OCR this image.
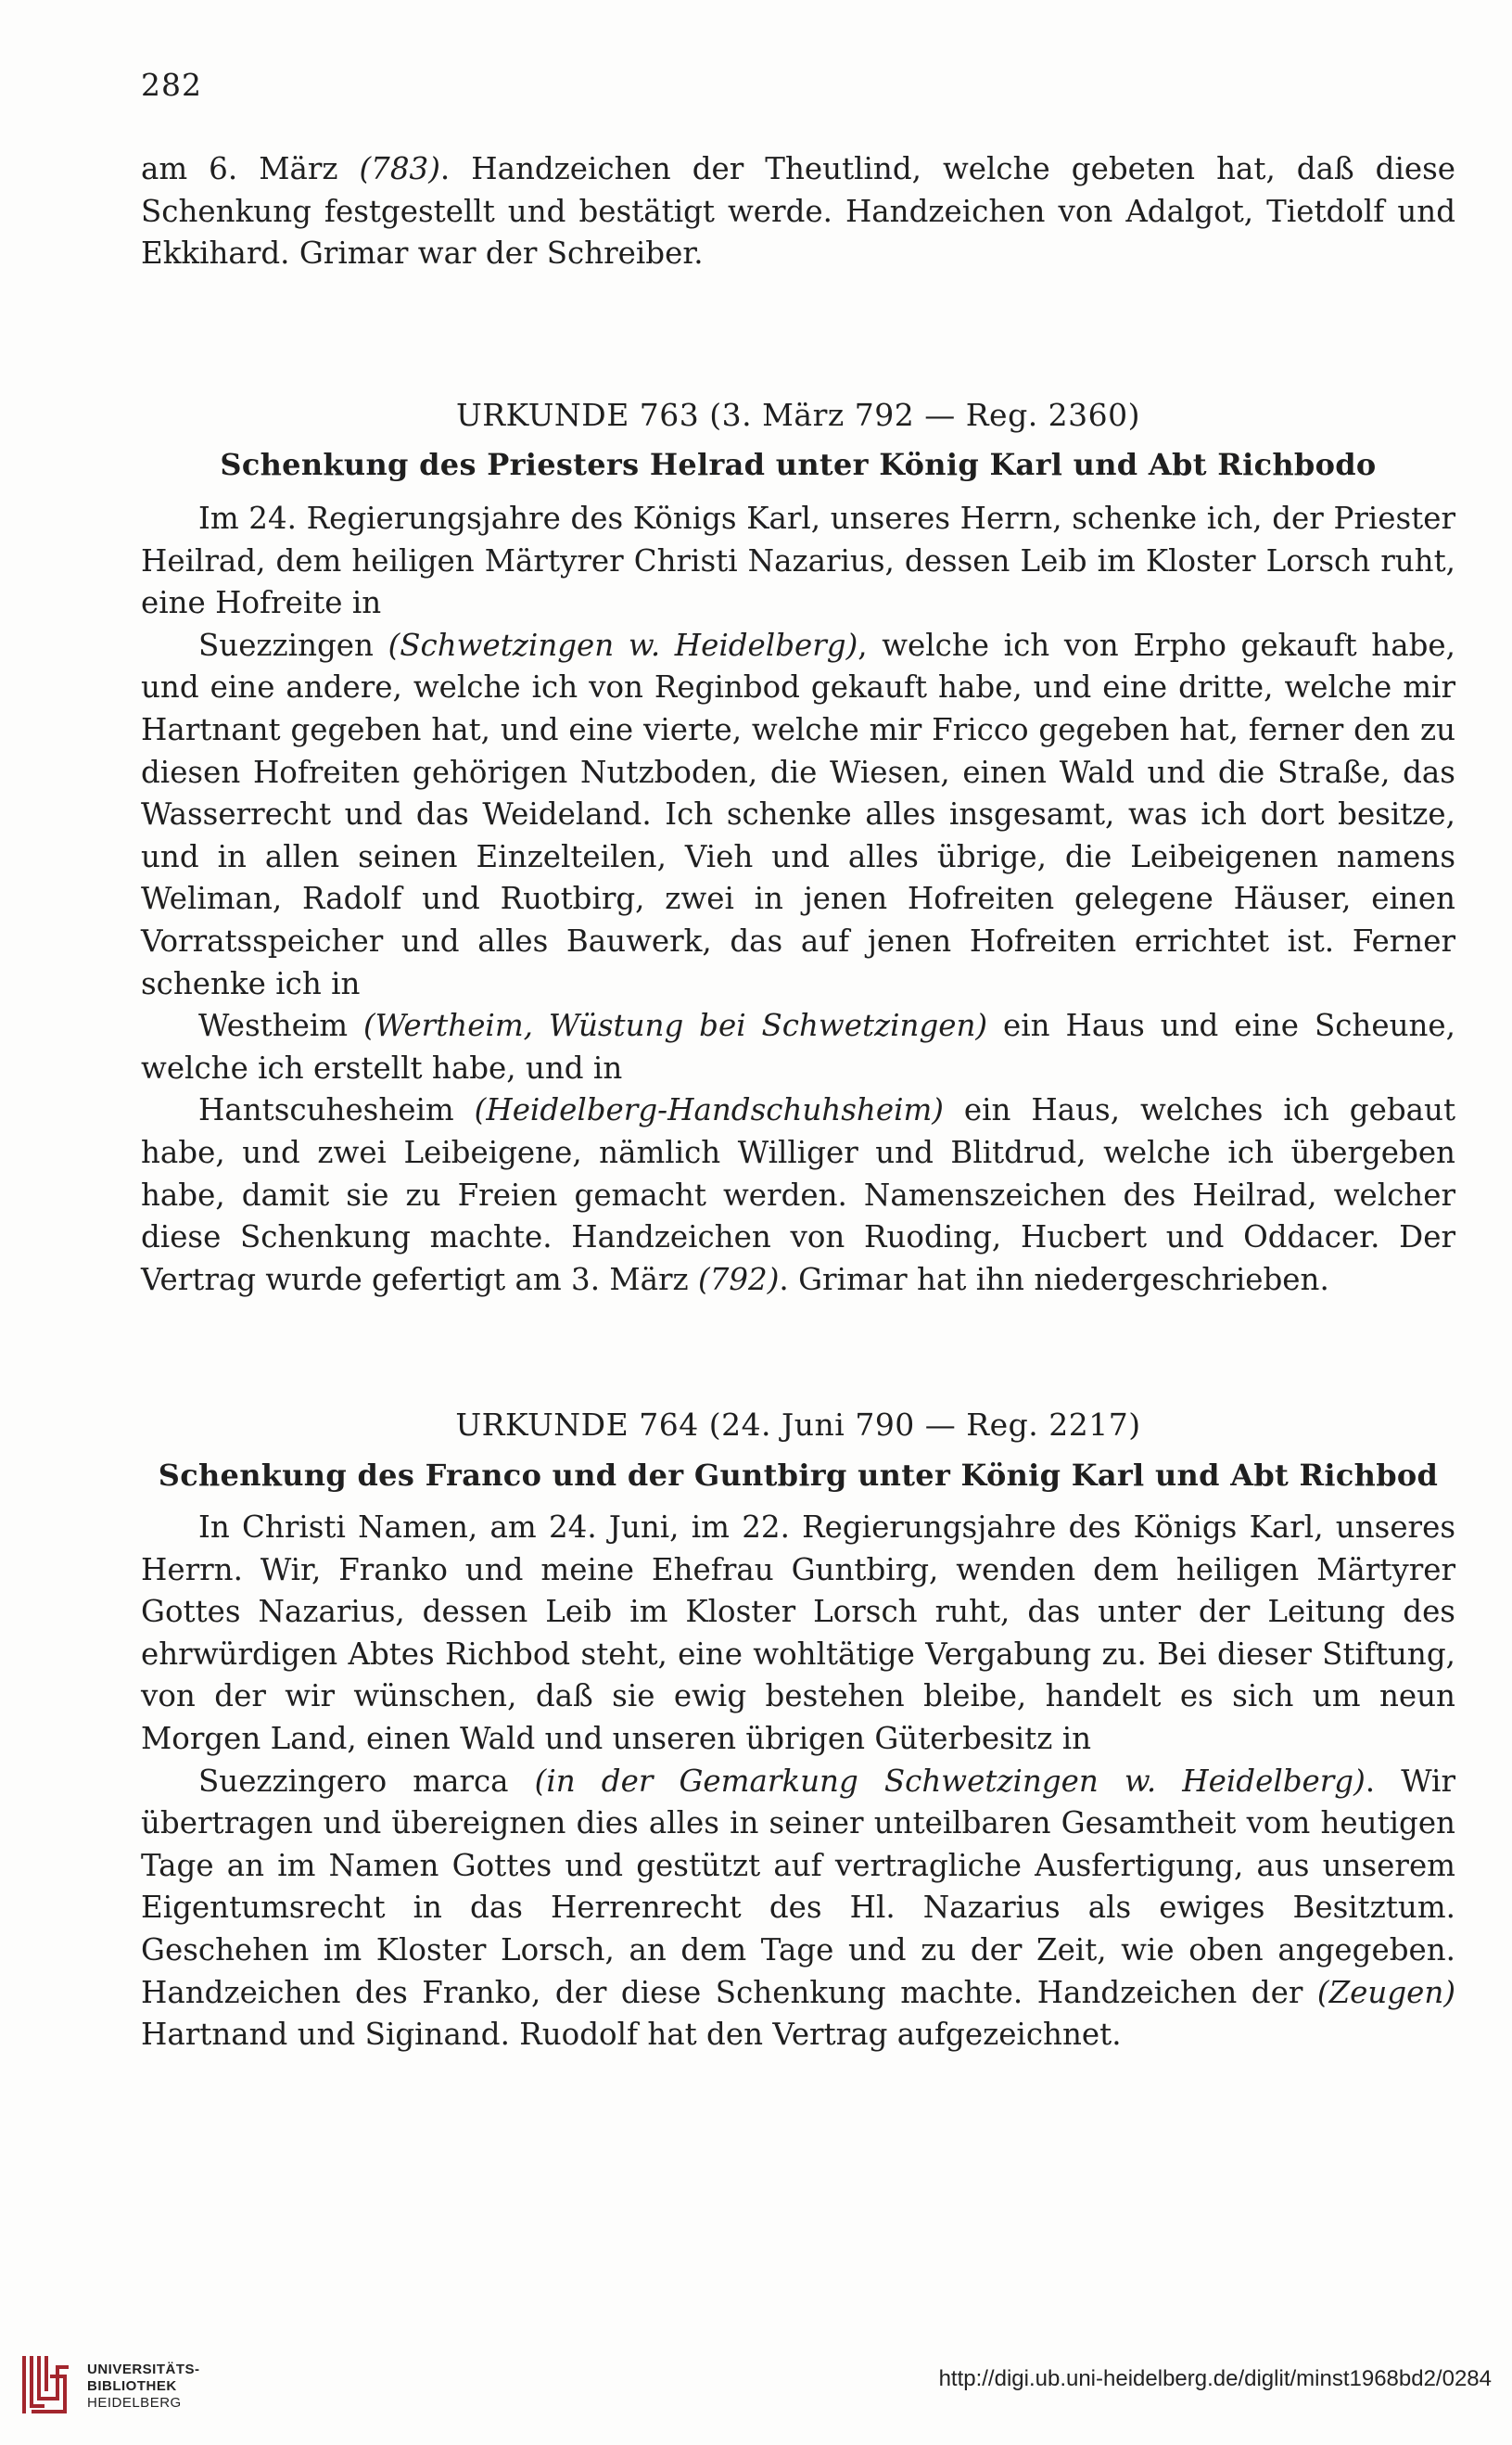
282

am 6. März (783). Handzeichen der Theutlind, welche gebeten hat, daß diese Schenkung festgestellt und bestätigt werde. Handzeichen von Adalgot, Tietdolf und Ekkihard. Grimar war der Schreiber.

URKUNDE 763 (3. März 792 — Reg. 2360)
Schenkung des Priesters Helrad unter König Karl und Abt Richbodo

Im 24. Regierungsjahre des Königs Karl, unseres Herrn, schenke ich, der Priester Heilrad, dem heiligen Märtyrer Christi Nazarius, dessen Leib im Kloster Lorsch ruht, eine Hofreite in

Suezzingen (Schwetzingen w. Heidelberg), welche ich von Erpho gekauft habe, und eine andere, welche ich von Reginbod gekauft habe, und eine dritte, welche mir Hartnant gegeben hat, und eine vierte, welche mir Fricco gegeben hat, ferner den zu diesen Hofreiten gehörigen Nutzboden, die Wiesen, einen Wald und die Straße, das Wasserrecht und das Weideland. Ich schenke alles insgesamt, was ich dort besitze, und in allen seinen Einzelteilen, Vieh und alles übrige, die Leibeigenen namens Weliman, Radolf und Ruotbirg, zwei in jenen Hofreiten gelegene Häuser, einen Vorratsspeicher und alles Bauwerk, das auf jenen Hofreiten errichtet ist. Ferner schenke ich in

Westheim (Wertheim, Wüstung bei Schwetzingen) ein Haus und eine Scheune, welche ich erstellt habe, und in

Hantscuhesheim (Heidelberg-Handschuhsheim) ein Haus, welches ich gebaut habe, und zwei Leibeigene, nämlich Williger und Blitdrud, welche ich übergeben habe, damit sie zu Freien gemacht werden. Namenszeichen des Heilrad, welcher diese Schenkung machte. Handzeichen von Ruoding, Hucbert und Oddacer. Der Vertrag wurde gefertigt am 3. März (792). Grimar hat ihn niedergeschrieben.

URKUNDE 764 (24. Juni 790 — Reg. 2217)
Schenkung des Franco und der Guntbirg unter König Karl und Abt Richbod

In Christi Namen, am 24. Juni, im 22. Regierungsjahre des Königs Karl, unseres Herrn. Wir, Franko und meine Ehefrau Guntbirg, wenden dem heiligen Märtyrer Gottes Nazarius, dessen Leib im Kloster Lorsch ruht, das unter der Leitung des ehrwürdigen Abtes Richbod steht, eine wohltätige Vergabung zu. Bei dieser Stiftung, von der wir wünschen, daß sie ewig bestehen bleibe, handelt es sich um neun Morgen Land, einen Wald und unseren übrigen Güterbesitz in

Suezzingero marca (in der Gemarkung Schwetzingen w. Heidelberg). Wir übertragen und übereignen dies alles in seiner unteilbaren Gesamtheit vom heutigen Tage an im Namen Gottes und gestützt auf vertragliche Ausfertigung, aus unserem Eigentumsrecht in das Herrenrecht des Hl. Nazarius als ewiges Besitztum. Geschehen im Kloster Lorsch, an dem Tage und zu der Zeit, wie oben angegeben. Handzeichen des Franko, der diese Schenkung machte. Handzeichen der (Zeugen) Hartnand und Siginand. Ruodolf hat den Vertrag aufgezeichnet.

UNIVERSITÄTS-
BIBLIOTHEK
HEIDELBERG
http://digi.ub.uni-heidelberg.de/diglit/minst1968bd2/0284
